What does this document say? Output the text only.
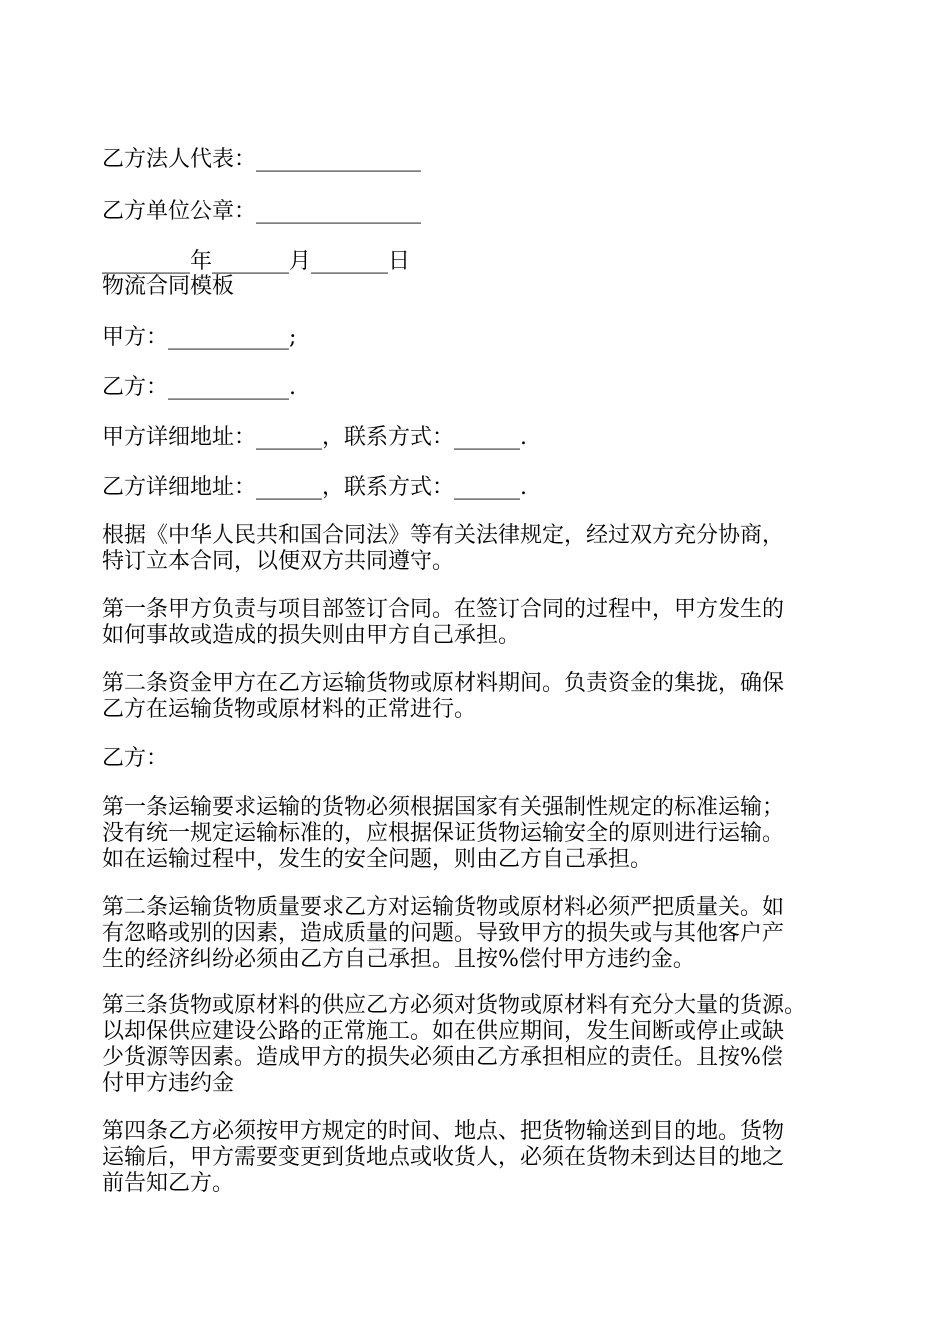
乙方法人代表：_______________
乙方单位公章：_______________
________年_______月_______日
物流合同模板
甲方：___________;
乙方：___________.
甲方详细地址：______，联系方式：______.
乙方详细地址：______，联系方式：______.
根据《中华人民共和国合同法》等有关法律规定，经过双方充分协商，
特订立本合同，以便双方共同遵守。
第一条甲方负责与项目部签订合同。在签订合同的过程中，甲方发生的
如何事故或造成的损失则由甲方自己承担。
第二条资金甲方在乙方运输货物或原材料期间。负责资金的集拢，确保
乙方在运输货物或原材料的正常进行。
乙方：
第一条运输要求运输的货物必须根据国家有关强制性规定的标准运输；
没有统一规定运输标准的，应根据保证货物运输安全的原则进行运输。
如在运输过程中，发生的安全问题，则由乙方自己承担。
第二条运输货物质量要求乙方对运输货物或原材料必须严把质量关。如
有忽略或别的因素，造成质量的问题。导致甲方的损失或与其他客户产
生的经济纠纷必须由乙方自己承担。且按%偿付甲方违约金。
第三条货物或原材料的供应乙方必须对货物或原材料有充分大量的货源。
以却保供应建设公路的正常施工。如在供应期间，发生间断或停止或缺
少货源等因素。造成甲方的损失必须由乙方承担相应的责任。且按%偿
付甲方违约金
第四条乙方必须按甲方规定的时间、地点、把货物输送到目的地。货物
运输后，甲方需要变更到货地点或收货人，必须在货物未到达目的地之
前告知乙方。
